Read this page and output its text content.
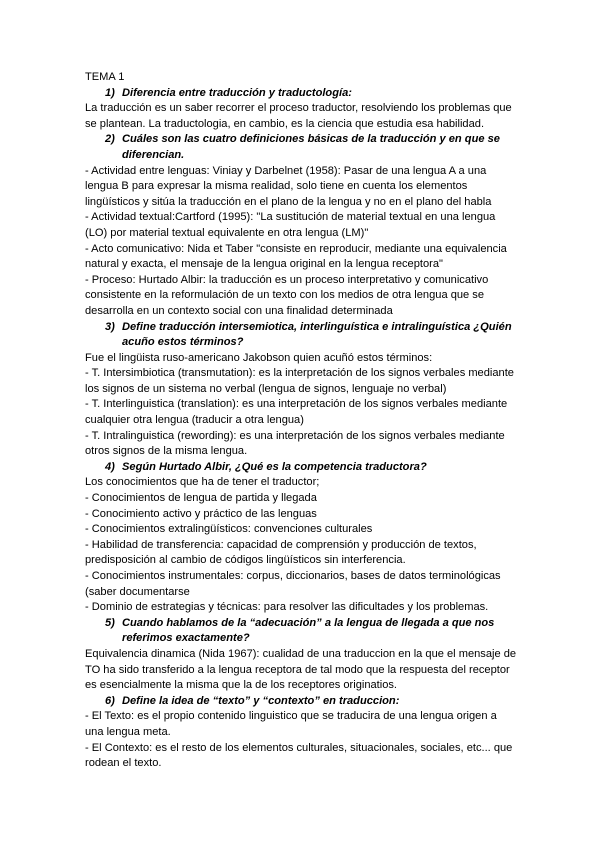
TEMA 1

1) Diferencia entre traducción y traductología:

La traducción es un saber recorrer el proceso traductor, resolviendo los problemas que se plantean. La traductologia, en cambio, es la ciencia que estudia esa habilidad.

2) Cuáles son las cuatro definiciones básicas de la traducción y en que se diferencian.

- Actividad entre lenguas: Viniay y Darbelnet (1958): Pasar de una lengua A a una lengua B para expresar la misma realidad, solo tiene en cuenta los elementos lingüísticos y sitúa la traducción en el plano de la lengua y no en el plano del habla

- Actividad textual:Cartford (1995): "La sustitución de material textual en una lengua (LO) por material textual equivalente en otra lengua (LM)"

- Acto comunicativo: Nida et Taber "consiste en reproducir, mediante una equivalencia natural y exacta, el mensaje de la lengua original en la lengua receptora"

- Proceso: Hurtado Albir: la traducción es un proceso interpretativo y comunicativo consistente en la reformulación de un texto con los medios de otra lengua que se desarrolla en un contexto social con una finalidad determinada

3) Define traducción intersemiotica, interlinguística e intralinguística ¿Quién acuño estos términos?

Fue el lingüista ruso-americano Jakobson quien acuñó estos términos:

- T. Intersimbiotica (transmutation): es la interpretación de los signos verbales mediante los signos de un sistema no verbal (lengua de signos, lenguaje no verbal)

- T. Interlinguistica (translation): es una interpretación de los signos verbales mediante cualquier otra lengua (traducir a otra lengua)

- T. Intralinguistica (rewording): es una interpretación de los signos verbales mediante otros signos de la misma lengua.

4) Según Hurtado Albir, ¿Qué es la competencia traductora?

Los conocimientos que ha de tener el traductor;

- Conocimientos de lengua de partida y llegada

- Conocimiento activo y práctico de las lenguas

- Conocimientos extralingüísticos: convenciones culturales

- Habilidad de transferencia: capacidad de comprensión y producción de textos, predisposición al cambio de códigos lingüísticos sin interferencia.

- Conocimientos instrumentales: corpus, diccionarios, bases de datos terminológicas (saber documentarse

- Dominio de estrategias y técnicas: para resolver las dificultades y los problemas.

5) Cuando hablamos de la “adecuación” a la lengua de llegada a que nos referimos exactamente?

Equivalencia dinamica (Nida 1967): cualidad de una traduccion en la que el mensaje de TO ha sido transferido a la lengua receptora de tal modo que la respuesta del receptor es esencialmente la misma que la de los receptores originatios.

6) Define la idea de “texto” y “contexto” en traduccion:

- El Texto: es el propio contenido linguistico que se traducira de una lengua origen a una lengua meta.

- El Contexto: es el resto de los elementos culturales, situacionales, sociales, etc... que rodean el texto.
